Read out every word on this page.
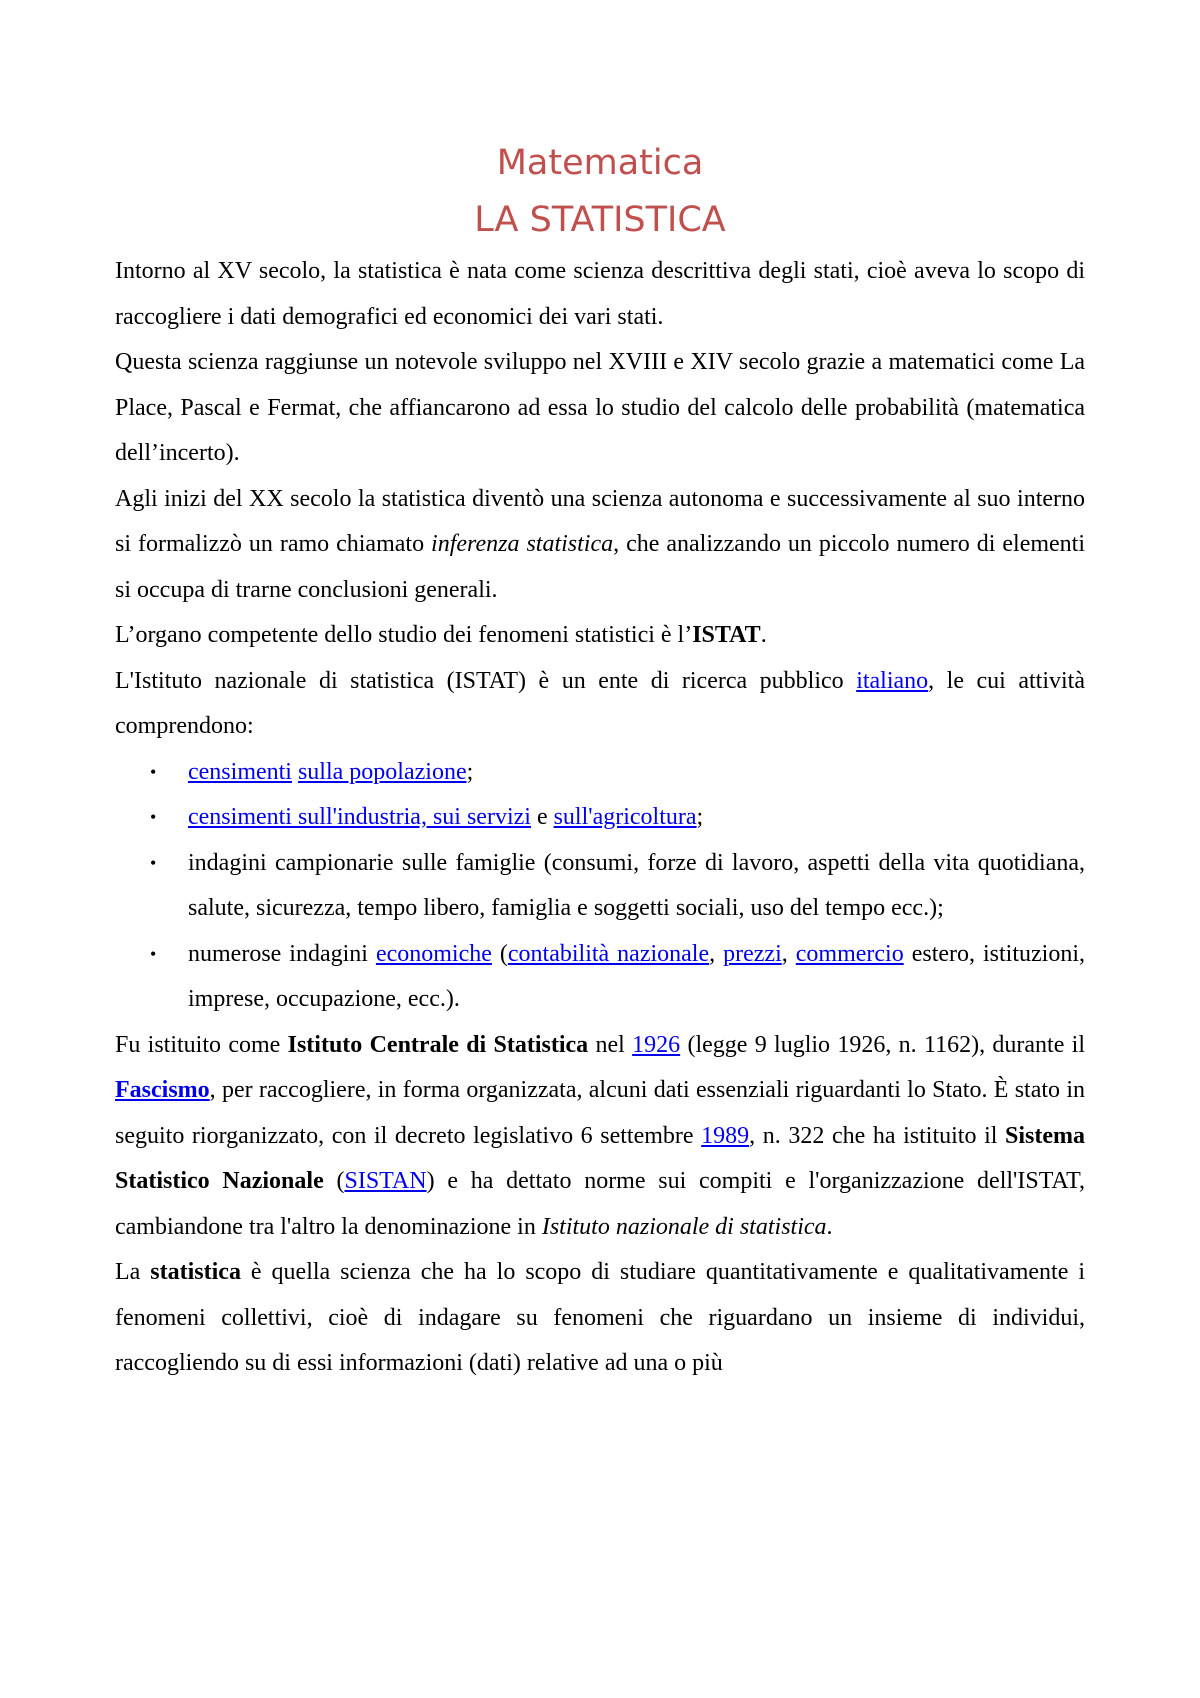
Matematica
LA STATISTICA

Intorno al XV secolo, la statistica è nata come scienza descrittiva degli stati, cioè aveva lo scopo di raccogliere i dati demografici ed economici dei vari stati.

Questa scienza raggiunse un notevole sviluppo nel XVIII e XIV secolo grazie a matematici come La Place, Pascal e Fermat, che affiancarono ad essa lo studio del calcolo delle probabilità (matematica dell’incerto).

Agli inizi del XX secolo la statistica diventò una scienza autonoma e successivamente al suo interno si formalizzò un ramo chiamato inferenza statistica, che analizzando un piccolo numero di elementi si occupa di trarne conclusioni generali.

L’organo competente dello studio dei fenomeni statistici è l’ISTAT.

L'Istituto nazionale di statistica (ISTAT) è un ente di ricerca pubblico italiano, le cui attività comprendono:

• censimenti sulla popolazione;
• censimenti sull'industria, sui servizi e sull'agricoltura;
• indagini campionarie sulle famiglie (consumi, forze di lavoro, aspetti della vita quotidiana, salute, sicurezza, tempo libero, famiglia e soggetti sociali, uso del tempo ecc.);
• numerose indagini economiche (contabilità nazionale, prezzi, commercio estero, istituzioni, imprese, occupazione, ecc.).

Fu istituito come Istituto Centrale di Statistica nel 1926 (legge 9 luglio 1926, n. 1162), durante il Fascismo, per raccogliere, in forma organizzata, alcuni dati essenziali riguardanti lo Stato. È stato in seguito riorganizzato, con il decreto legislativo 6 settembre 1989, n. 322 che ha istituito il Sistema Statistico Nazionale (SISTAN) e ha dettato norme sui compiti e l'organizzazione dell'ISTAT, cambiandone tra l'altro la denominazione in Istituto nazionale di statistica.

La statistica è quella scienza che ha lo scopo di studiare quantitativamente e qualitativamente i fenomeni collettivi, cioè di indagare su fenomeni che riguardano un insieme di individui, raccogliendo su di essi informazioni (dati) relative ad una o più
